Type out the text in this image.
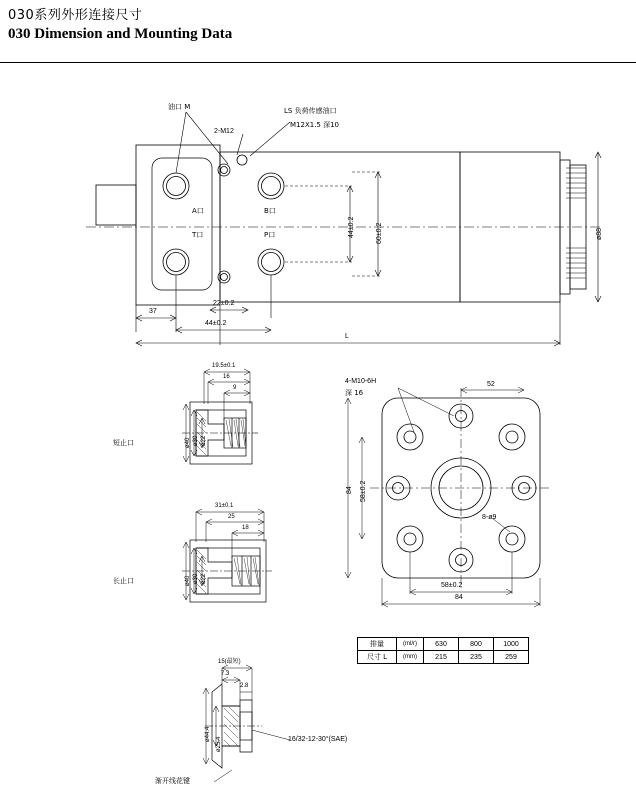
030系列外形连接尺寸
030 Dimension and Mounting Data
油口 M
2-M12
LS 负荷传感油口
M12X1.5 深10
A口	B口
T口	P口
37
44±0.2
22±0.2
44±0.2	60±0.2	ø88
L
短止口
19.5±0.1
16
9
ø40 ø30 ø22
长止口
31±0.1
25
18
ø40 ø30 ø22
4-M10-6H
深 16
52
84 58±0.2
58±0.2
84
8-ø9
15(最短)
7.3
2.8
ø44.4
ø25.4	16/32-12-30°(SAE)
渐开线花键
排量	(ml/r)	630	800	1000
尺寸 L	(mm)	215	235	259
